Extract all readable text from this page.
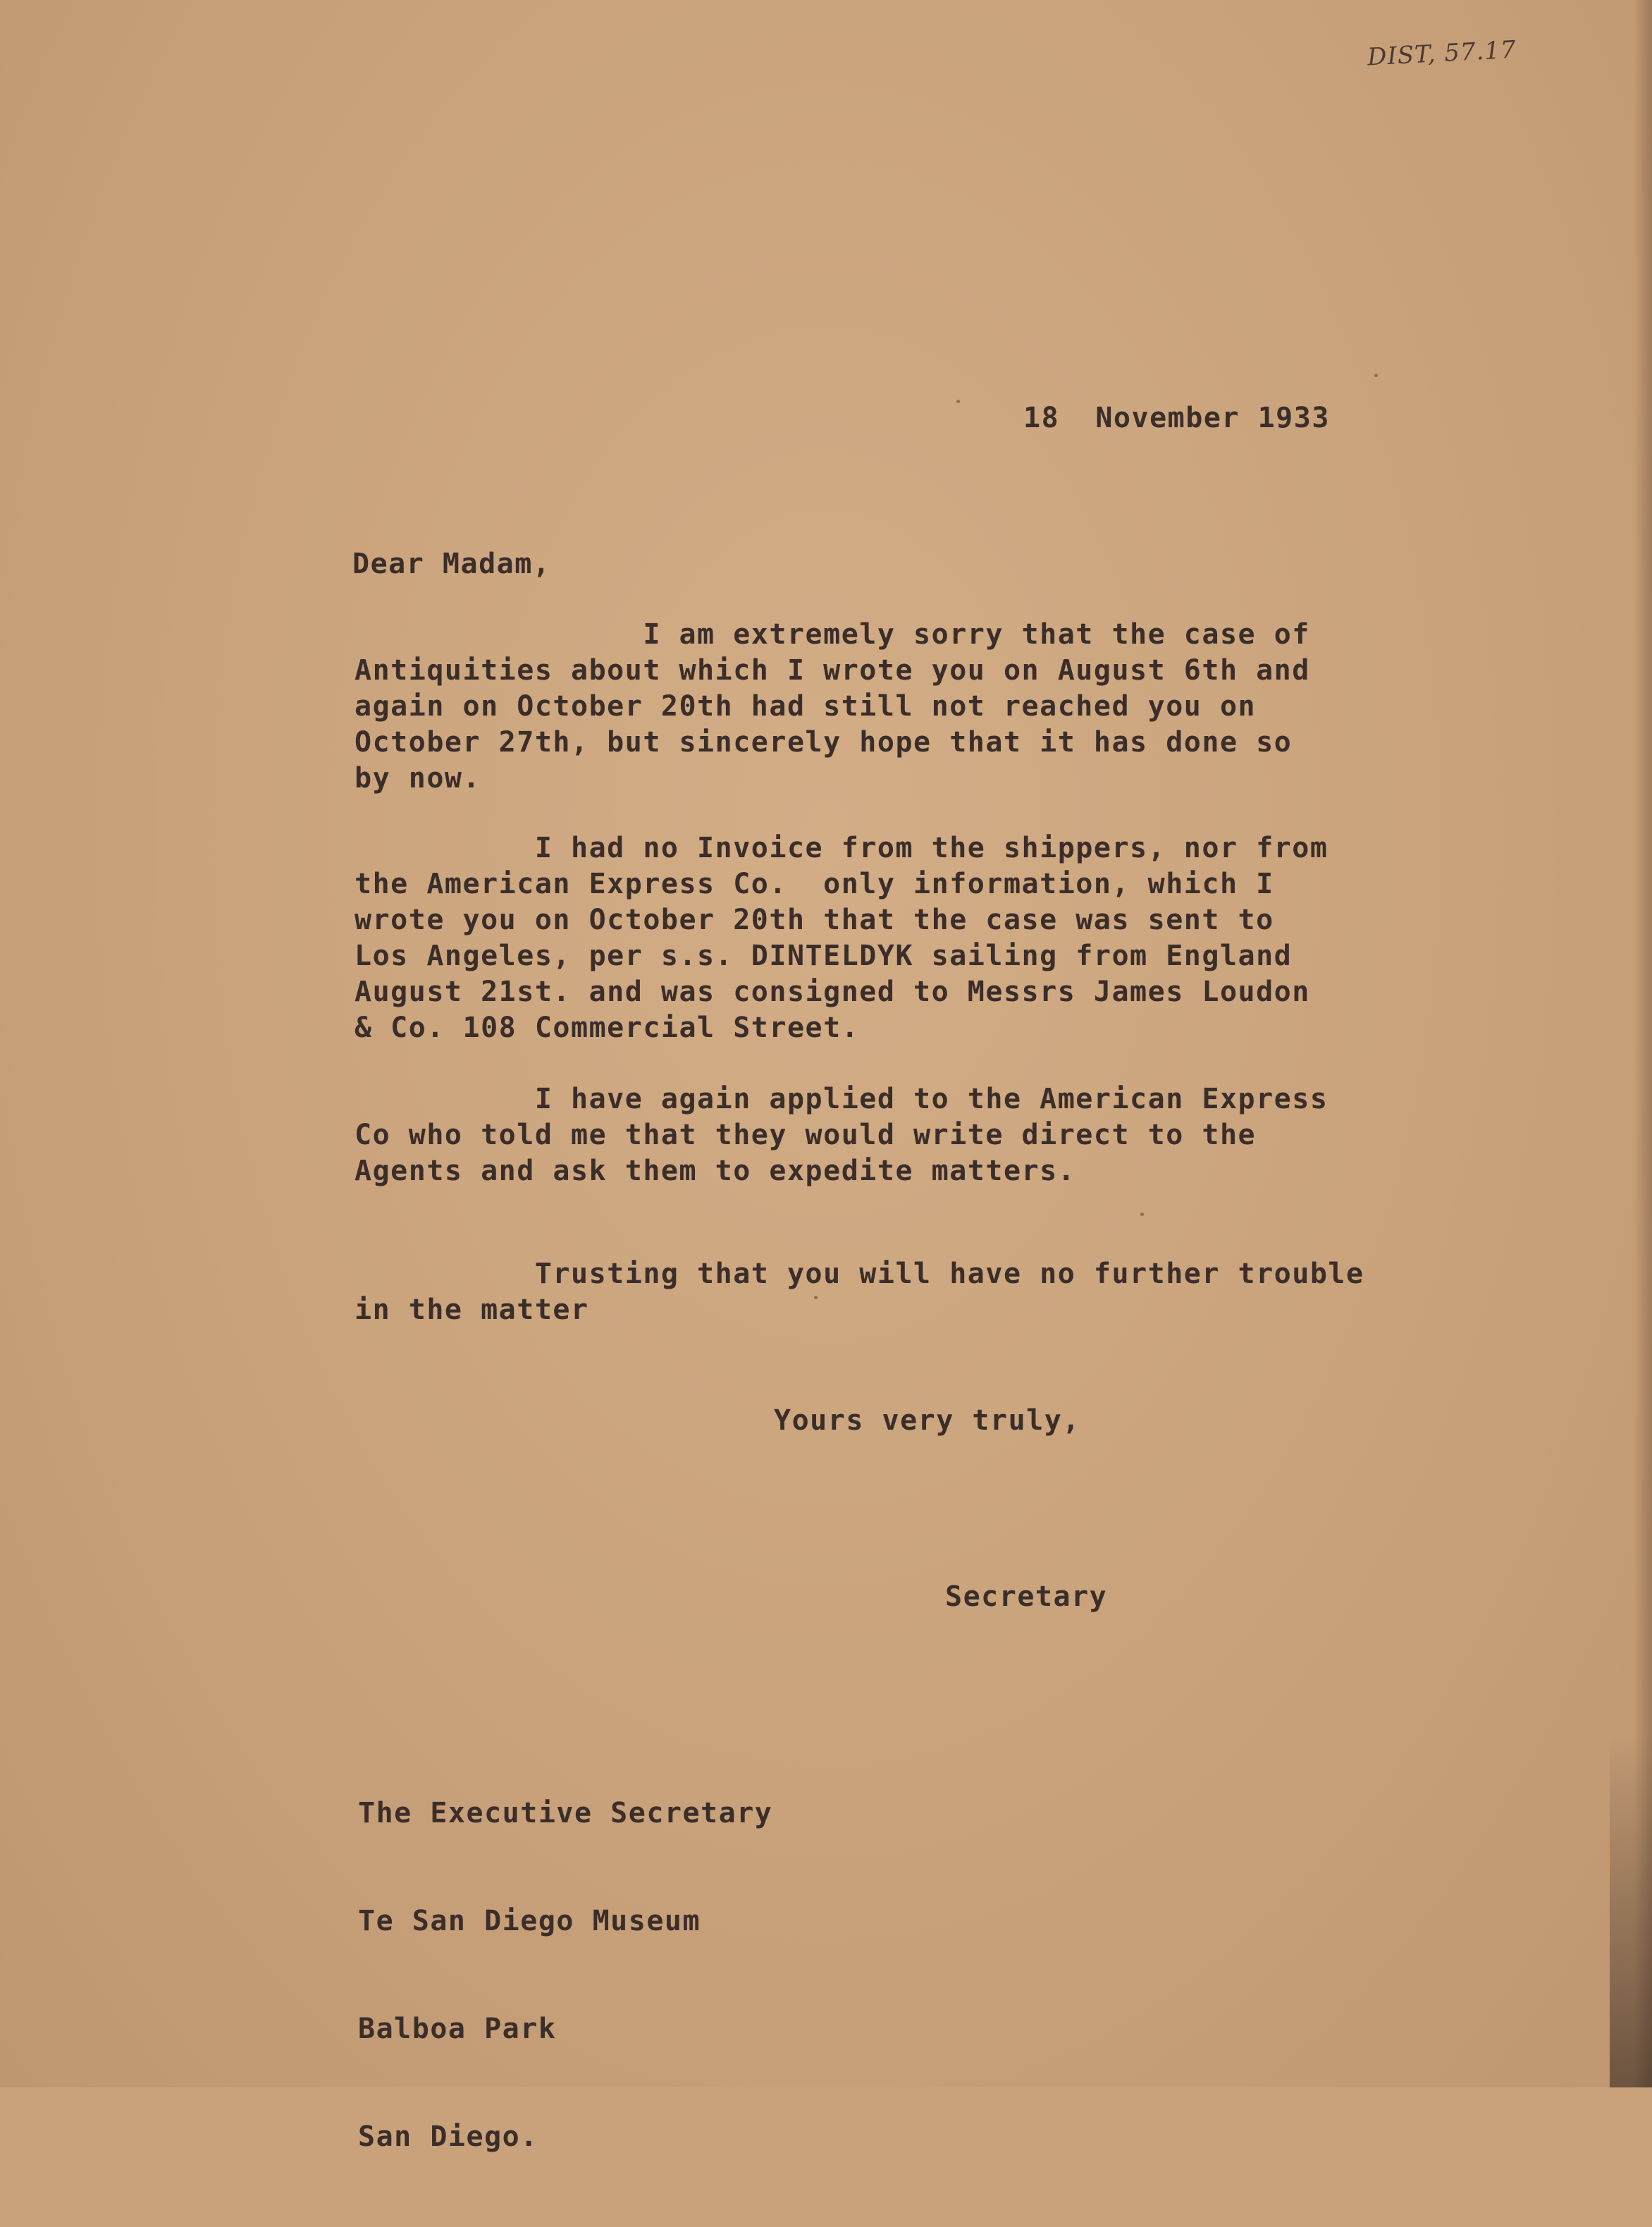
DIST, 57.17

18  November 1933

Dear Madam,

I am extremely sorry that the case of
Antiquities about which I wrote you on August 6th and
again on October 20th had still not reached you on
October 27th, but sincerely hope that it has done so
by now.

I had no Invoice from the shippers, nor from
the American Express Co.  only information, which I
wrote you on October 20th that the case was sent to
Los Angeles, per s.s. DINTELDYK sailing from England
August 21st. and was consigned to Messrs James Loudon
& Co. 108 Commercial Street.

I have again applied to the American Express
Co who told me that they would write direct to the
Agents and ask them to expedite matters.

Trusting that you will have no further trouble
in the matter

Yours very truly,

Secretary

The Executive Secretary

Te San Diego Museum

Balboa Park

San Diego.
